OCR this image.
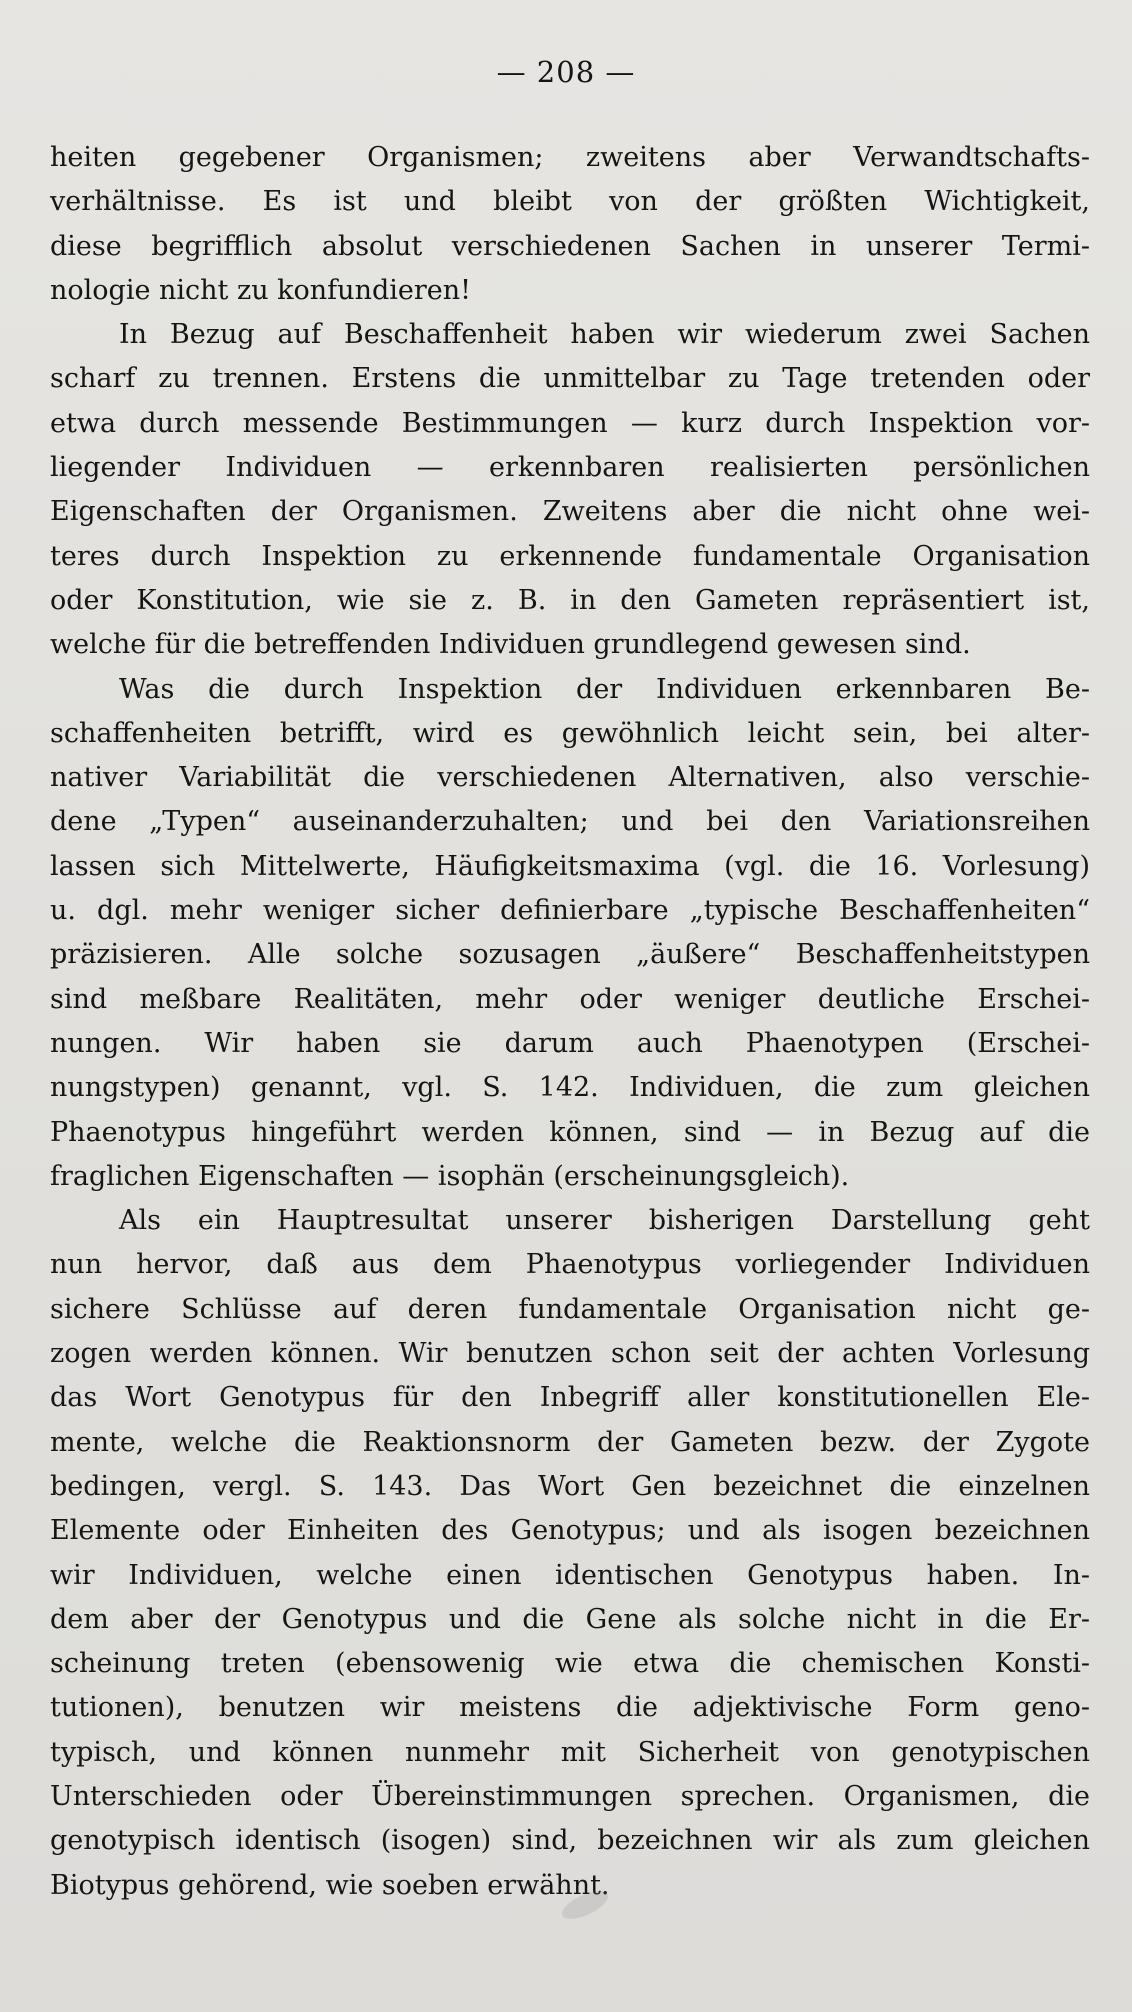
— 208 —
heiten gegebener Organismen; zweitens aber Verwandtschafts-
verhältnisse. Es ist und bleibt von der größten Wichtigkeit,
diese begrifflich absolut verschiedenen Sachen in unserer Termi-
nologie nicht zu konfundieren!
In Bezug auf Beschaffenheit haben wir wiederum zwei Sachen
scharf zu trennen. Erstens die unmittelbar zu Tage tretenden oder
etwa durch messende Bestimmungen — kurz durch Inspektion vor-
liegender Individuen — erkennbaren realisierten persönlichen
Eigenschaften der Organismen. Zweitens aber die nicht ohne wei-
teres durch Inspektion zu erkennende fundamentale Organisation
oder Konstitution, wie sie z. B. in den Gameten repräsentiert ist,
welche für die betreffenden Individuen grundlegend gewesen sind.
Was die durch Inspektion der Individuen erkennbaren Be-
schaffenheiten betrifft, wird es gewöhnlich leicht sein, bei alter-
nativer Variabilität die verschiedenen Alternativen, also verschie-
dene „Typen“ auseinanderzuhalten; und bei den Variationsreihen
lassen sich Mittelwerte, Häufigkeitsmaxima (vgl. die 16. Vorlesung)
u. dgl. mehr weniger sicher definierbare „typische Beschaffenheiten“
präzisieren. Alle solche sozusagen „äußere“ Beschaffenheitstypen
sind meßbare Realitäten, mehr oder weniger deutliche Erschei-
nungen. Wir haben sie darum auch Phaenotypen (Erschei-
nungstypen) genannt, vgl. S. 142. Individuen, die zum gleichen
Phaenotypus hingeführt werden können, sind — in Bezug auf die
fraglichen Eigenschaften — isophän (erscheinungsgleich).
Als ein Hauptresultat unserer bisherigen Darstellung geht
nun hervor, daß aus dem Phaenotypus vorliegender Individuen
sichere Schlüsse auf deren fundamentale Organisation nicht ge-
zogen werden können. Wir benutzen schon seit der achten Vorlesung
das Wort Genotypus für den Inbegriff aller konstitutionellen Ele-
mente, welche die Reaktionsnorm der Gameten bezw. der Zygote
bedingen, vergl. S. 143. Das Wort Gen bezeichnet die einzelnen
Elemente oder Einheiten des Genotypus; und als isogen bezeichnen
wir Individuen, welche einen identischen Genotypus haben. In-
dem aber der Genotypus und die Gene als solche nicht in die Er-
scheinung treten (ebensowenig wie etwa die chemischen Konsti-
tutionen), benutzen wir meistens die adjektivische Form geno-
typisch, und können nunmehr mit Sicherheit von genotypischen
Unterschieden oder Übereinstimmungen sprechen. Organismen, die
genotypisch identisch (isogen) sind, bezeichnen wir als zum gleichen
Biotypus gehörend, wie soeben erwähnt.
